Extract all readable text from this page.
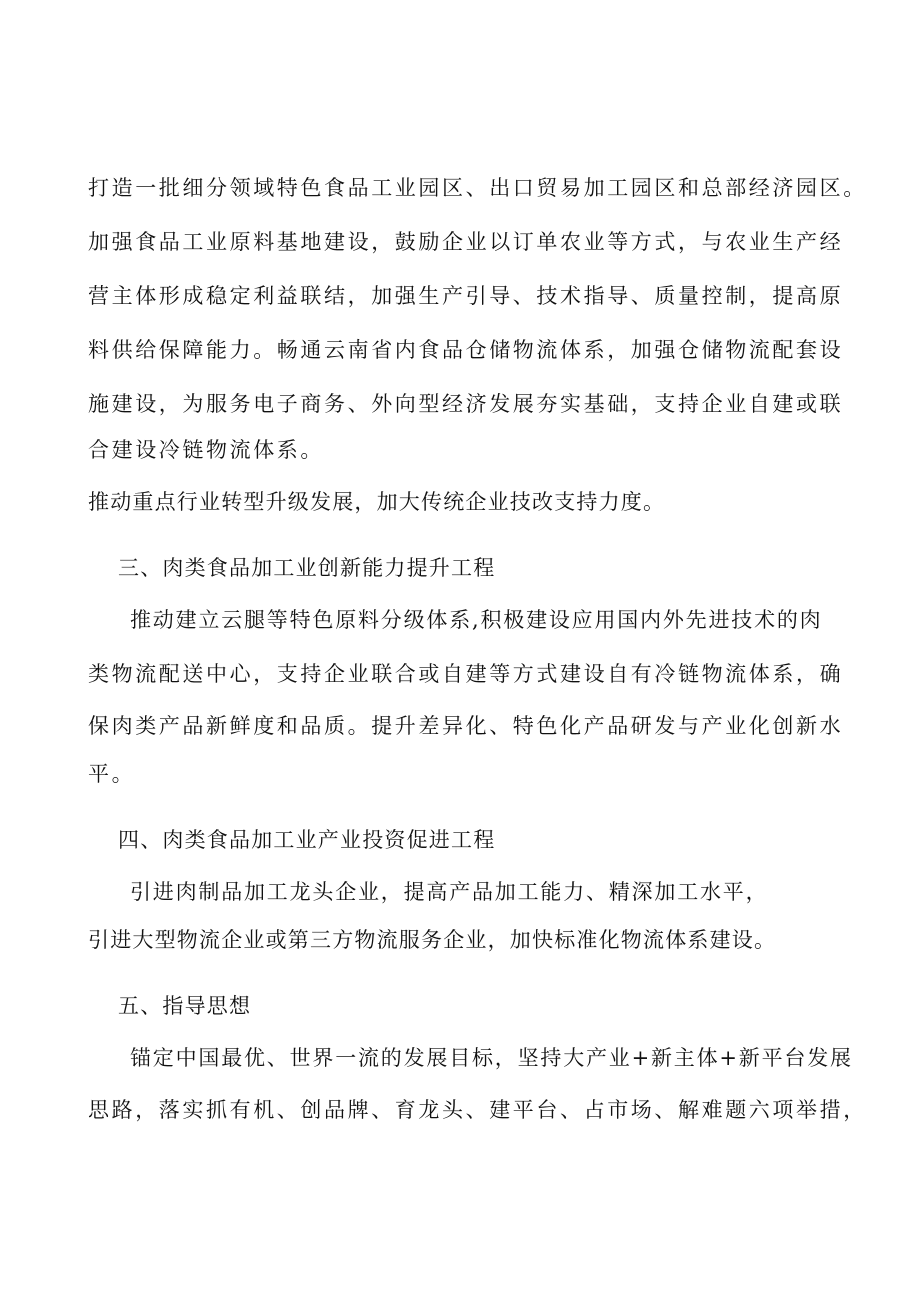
打造一批细分领域特色食品工业园区、出口贸易加工园区和总部经济园区。
加强食品工业原料基地建设，鼓励企业以订单农业等方式，与农业生产经
营主体形成稳定利益联结，加强生产引导、技术指导、质量控制，提高原
料供给保障能力。畅通云南省内食品仓储物流体系，加强仓储物流配套设
施建设，为服务电子商务、外向型经济发展夯实基础，支持企业自建或联
合建设冷链物流体系。
推动重点行业转型升级发展，加大传统企业技改支持力度。
三、肉类食品加工业创新能力提升工程
推动建立云腿等特色原料分级体系,积极建设应用国内外先进技术的肉
类物流配送中心，支持企业联合或自建等方式建设自有冷链物流体系，确
保肉类产品新鲜度和品质。提升差异化、特色化产品研发与产业化创新水
平。
四、肉类食品加工业产业投资促进工程
引进肉制品加工龙头企业，提高产品加工能力、精深加工水平，
引进大型物流企业或第三方物流服务企业，加快标准化物流体系建设。
五、指导思想
锚定中国最优、世界一流的发展目标，坚持大产业+新主体+新平台发展
思路，落实抓有机、创品牌、育龙头、建平台、占市场、解难题六项举措，
